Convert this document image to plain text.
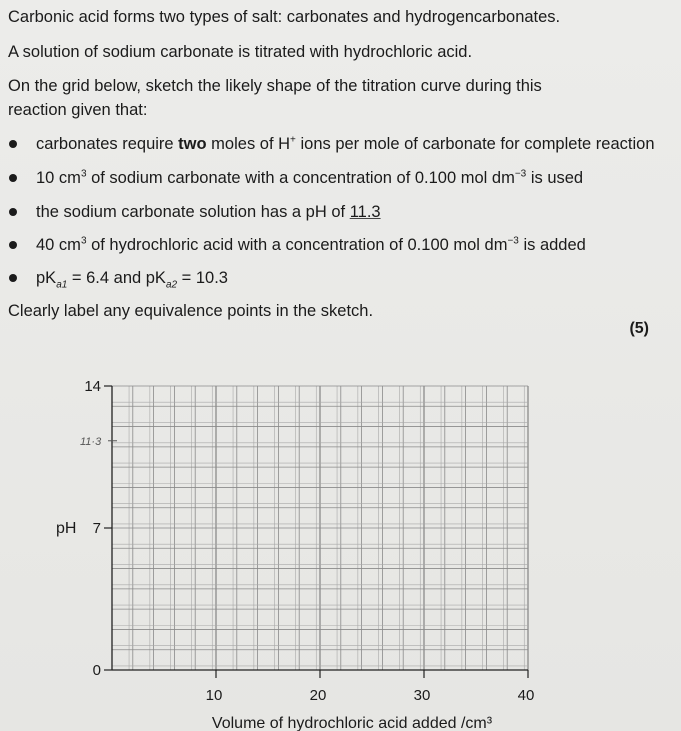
Carbonic acid forms two types of salt: carbonates and hydrogencarbonates.
A solution of sodium carbonate is titrated with hydrochloric acid.
On the grid below, sketch the likely shape of the titration curve during this
reaction given that:
carbonates require two moles of H+ ions per mole of carbonate for complete reaction
10 $cm^3$ of sodium carbonate with a concentration of 0.100 mol $dm^{-3}$ is used
the sodium carbonate solution has a pH of 11.3
40 $cm^3$ of hydrochloric acid with a concentration of 0.100 mol $dm^{-3}$ is added
$pK_{a1} = 6.4$ and $pK_{a2} = 10.3$
Clearly label any equivalence points in the sketch.
(5)
0
7
14
10	20	30	40
pH
Volume of hydrochloric acid added /cm³
11·3
